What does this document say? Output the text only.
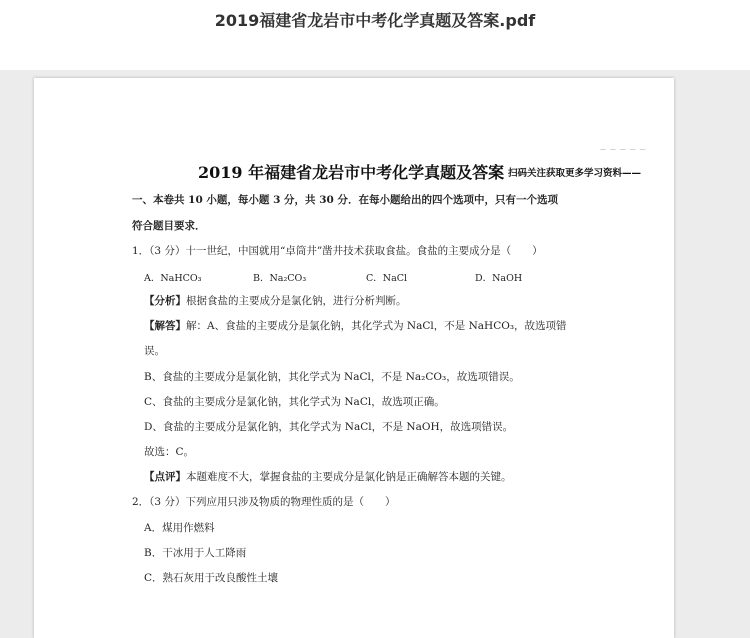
2019福建省龙岩市中考化学真题及答案.pdf
— — — — —
2019 年福建省龙岩市中考化学真题及答案 扫码关注获取更多学习资料——
一、本卷共 10 小题，每小题 3 分，共 30 分．在每小题给出的四个选项中，只有一个选项
符合题目要求．
1．（3 分）十一世纪，中国就用“卓筒井”凿井技术获取食盐。食盐的主要成分是（　　）
A．NaHCO₃	B．Na₂CO₃	C．NaCl	D．NaOH
【分析】根据食盐的主要成分是氯化钠，进行分析判断。
【解答】解：A、食盐的主要成分是氯化钠，其化学式为 NaCl，不是 NaHCO₃，故选项错
误。
B、食盐的主要成分是氯化钠，其化学式为 NaCl，不是 Na₂CO₃，故选项错误。
C、食盐的主要成分是氯化钠，其化学式为 NaCl，故选项正确。
D、食盐的主要成分是氯化钠，其化学式为 NaCl，不是 NaOH，故选项错误。
故选：C。
【点评】本题难度不大，掌握食盐的主要成分是氯化钠是正确解答本题的关键。
2．（3 分）下列应用只涉及物质的物理性质的是（　　）
A．煤用作燃料
B．干冰用于人工降雨
C．熟石灰用于改良酸性土壤
